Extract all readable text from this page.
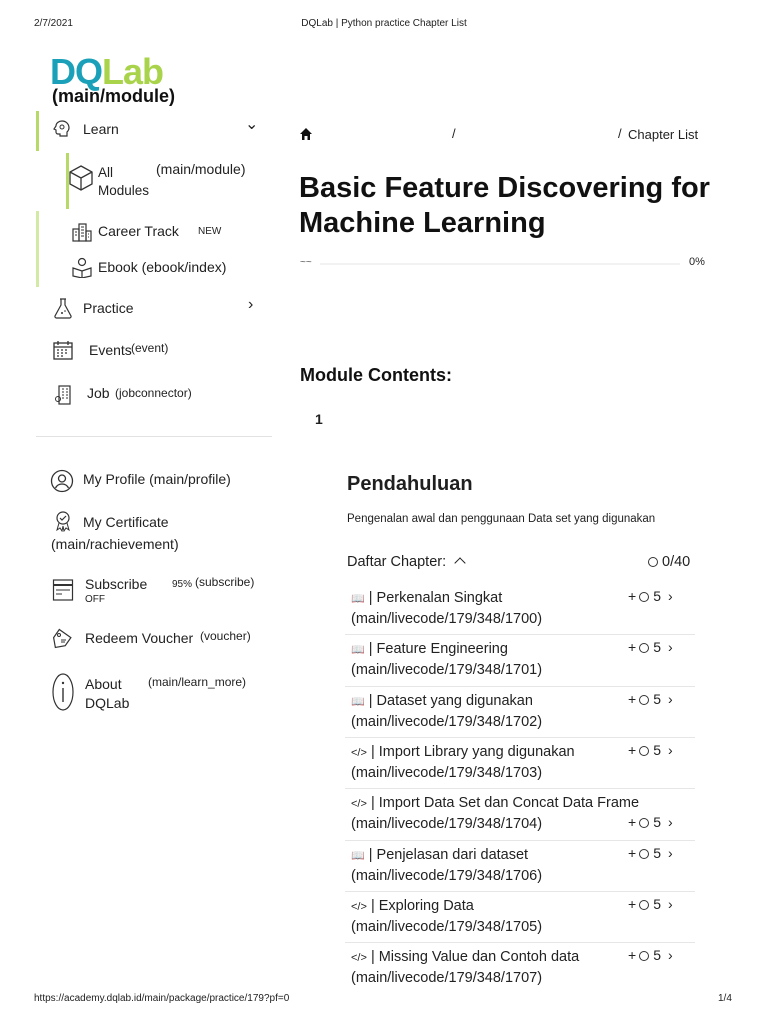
2/7/2021	DQLab | Python practice Chapter List
https://academy.dqlab.id/main/package/practice/179?pf=0	1/4
DQLab
(main/module)
Learn	⌄
All
Modules
(main/module)
Career Track NEW
Ebook (ebook/index)
Practice	›
Events (event)
Job (jobconnector)
My Profile (main/profile)
My Certificate
(main/rachievement)
Subscribe
OFF
95% (subscribe)
Redeem Voucher (voucher)
About
DQLab
(main/learn_more)
/	/ Chapter List
Basic Feature Discovering for Machine Learning
~~	0%
Module Contents:
1
Pendahuluan
Pengenalan awal dan penggunaan Data set yang digunakan
Daftar Chapter:	0/40
📖 | Perkenalan Singkat
(main/livecode/179/348/1700)
+ 5 ›
📖 | Feature Engineering
(main/livecode/179/348/1701)
+ 5 ›
📖 | Dataset yang digunakan
(main/livecode/179/348/1702)
+ 5 ›
</> | Import Library yang digunakan
(main/livecode/179/348/1703)
+ 5 ›
</> | Import Data Set dan Concat Data Frame
(main/livecode/179/348/1704)	+ 5 ›
📖 | Penjelasan dari dataset
(main/livecode/179/348/1706)
+ 5 ›
</> | Exploring Data
(main/livecode/179/348/1705)
+ 5 ›
</> | Missing Value dan Contoh data
(main/livecode/179/348/1707)
+ 5 ›
